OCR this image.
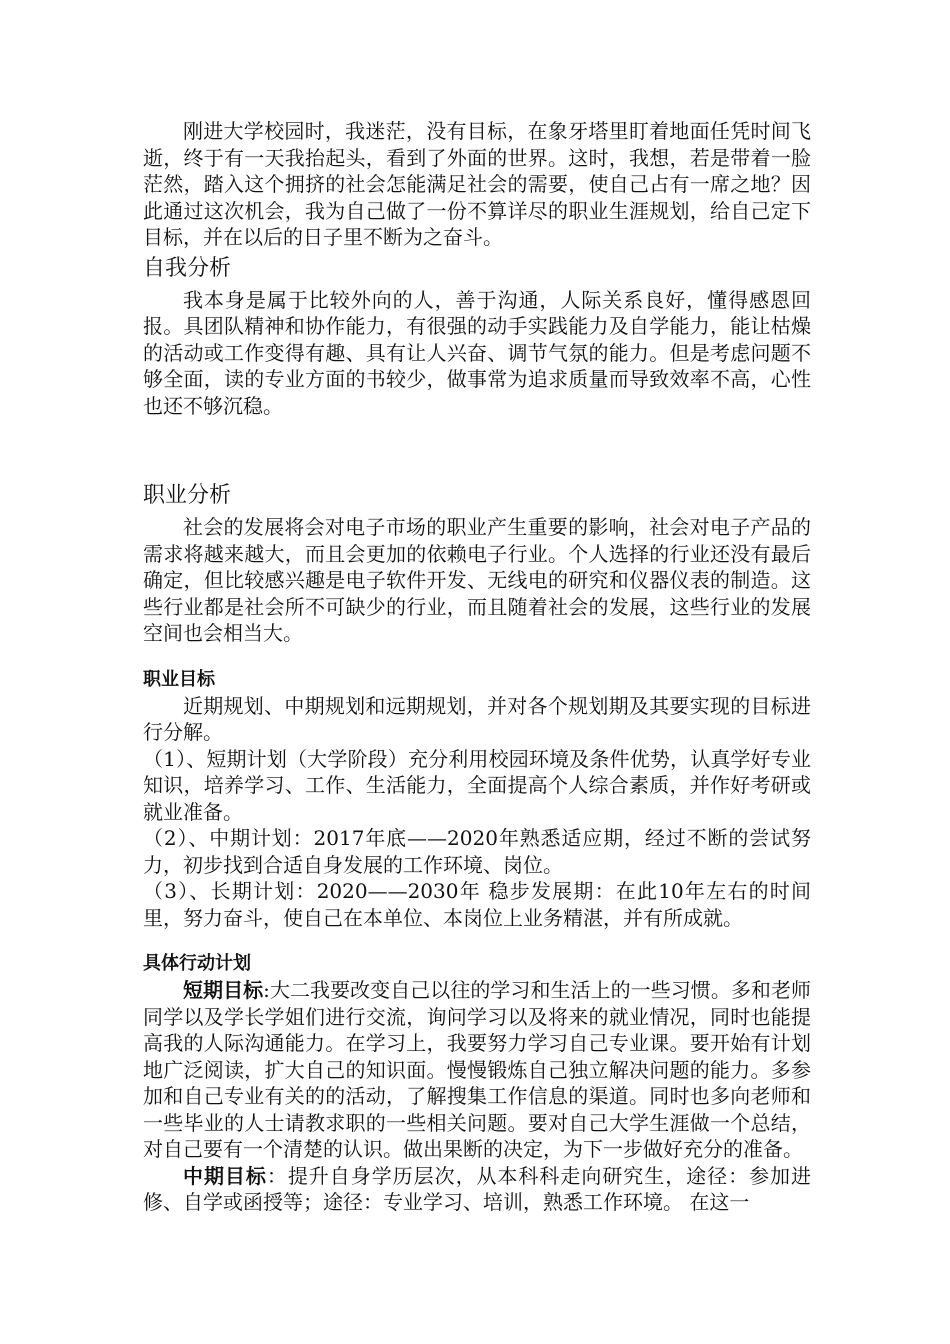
刚进大学校园时，我迷茫，没有目标，在象牙塔里盯着地面任凭时间飞逝，终于有一天我抬起头，看到了外面的世界。这时，我想，若是带着一脸茫然，踏入这个拥挤的社会怎能满足社会的需要，使自己占有一席之地？因此通过这次机会，我为自己做了一份不算详尽的职业生涯规划，给自己定下目标，并在以后的日子里不断为之奋斗。

自我分析

我本身是属于比较外向的人，善于沟通，人际关系良好，懂得感恩回报。具团队精神和协作能力，有很强的动手实践能力及自学能力，能让枯燥的活动或工作变得有趣、具有让人兴奋、调节气氛的能力。但是考虑问题不够全面，读的专业方面的书较少，做事常为追求质量而导致效率不高，心性也还不够沉稳。

职业分析

社会的发展将会对电子市场的职业产生重要的影响，社会对电子产品的需求将越来越大，而且会更加的依赖电子行业。个人选择的行业还没有最后确定，但比较感兴趣是电子软件开发、无线电的研究和仪器仪表的制造。这些行业都是社会所不可缺少的行业，而且随着社会的发展，这些行业的发展空间也会相当大。

职业目标

近期规划、中期规划和远期规划，并对各个规划期及其要实现的目标进行分解。

（1）、短期计划（大学阶段）充分利用校园环境及条件优势，认真学好专业知识，培养学习、工作、生活能力，全面提高个人综合素质，并作好考研或就业准备。

（2）、中期计划：2017年底——2020年熟悉适应期，经过不断的尝试努力，初步找到合适自身发展的工作环境、岗位。

（3）、长期计划：2020——2030年 稳步发展期：在此10年左右的时间里，努力奋斗，使自己在本单位、本岗位上业务精湛，并有所成就。

具体行动计划

短期目标:大二我要改变自己以往的学习和生活上的一些习惯。多和老师同学以及学长学姐们进行交流，询问学习以及将来的就业情况，同时也能提高我的人际沟通能力。在学习上，我要努力学习自己专业课。要开始有计划地广泛阅读，扩大自己的知识面。慢慢锻炼自己独立解决问题的能力。多参加和自己专业有关的的活动，了解搜集工作信息的渠道。同时也多向老师和一些毕业的人士请教求职的一些相关问题。要对自己大学生涯做一个总结，对自己要有一个清楚的认识。做出果断的决定，为下一步做好充分的准备。

中期目标：提升自身学历层次，从本科科走向研究生，途径：参加进修、自学或函授等；途径：专业学习、培训，熟悉工作环境。 在这一
